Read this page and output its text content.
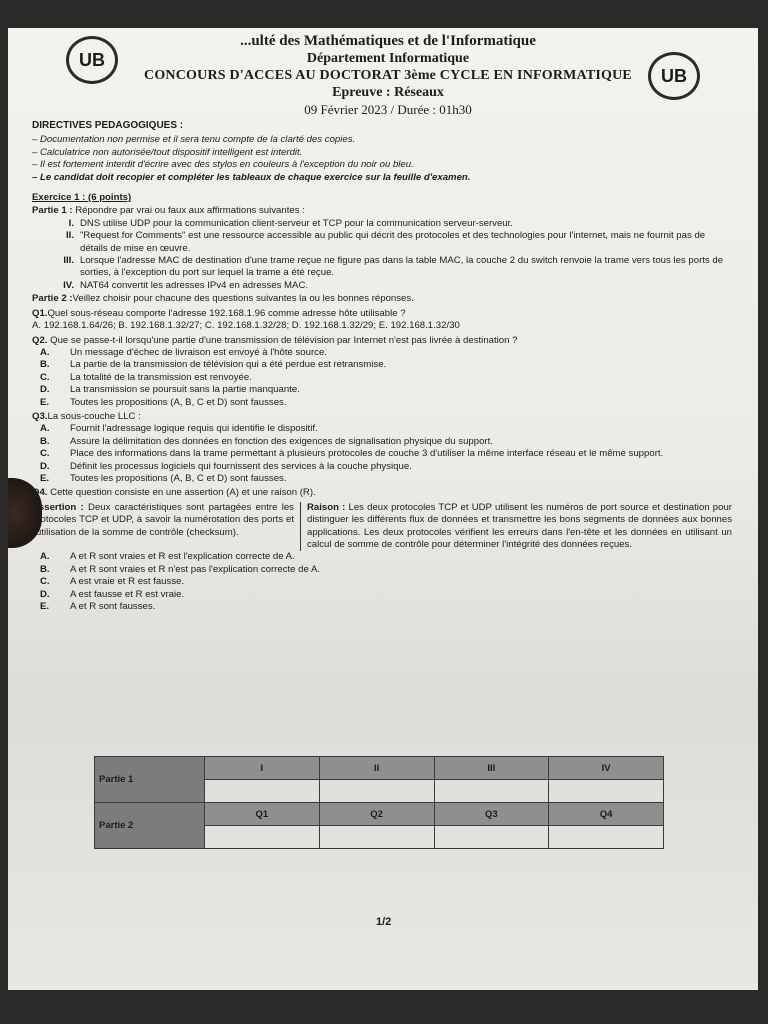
UB
UB
...ulté des Mathématiques et de l'Informatique
Département Informatique
CONCOURS D'ACCES AU DOCTORAT 3ème CYCLE EN INFORMATIQUE
Epreuve : Réseaux
09 Février 2023 / Durée : 01h30
DIRECTIVES PEDAGOGIQUES :
– Documentation non permise et il sera tenu compte de la clarté des copies.
– Calculatrice non autorisée/tout dispositif intelligent est interdit.
– Il est fortement interdit d'écrire avec des stylos en couleurs à l'exception du noir ou bleu.
– Le candidat doit recopier et compléter les tableaux de chaque exercice sur la feuille d'examen.
Exercice 1 : (6 points)
Partie 1 : Répondre par vrai ou faux aux affirmations suivantes :
I. DNS utilise UDP pour la communication client-serveur et TCP pour la communication serveur-serveur.
II. "Request for Comments" est une ressource accessible au public qui décrit des protocoles et des technologies pour l'internet, mais ne fournit pas de détails de mise en œuvre.
III. Lorsque l'adresse MAC de destination d'une trame reçue ne figure pas dans la table MAC, la couche 2 du switch renvoie la trame vers tous les ports de sorties, à l'exception du port sur lequel la trame a été reçue.
IV. NAT64 convertit les adresses IPv4 en adresses MAC.
Partie 2 :Veillez choisir pour chacune des questions suivantes la ou les bonnes réponses.
Q1.Quel sous-réseau comporte l'adresse 192.168.1.96 comme adresse hôte utilisable ?
A. 192.168.1.64/26; B. 192.168.1.32/27; C. 192.168.1.32/28; D. 192.168.1.32/29; E. 192.168.1.32/30
Q2. Que se passe-t-il lorsqu'une partie d'une transmission de télévision par Internet n'est pas livrée à destination ?
A.	Un message d'échec de livraison est envoyé à l'hôte source.
B.	La partie de la transmission de télévision qui a été perdue est retransmise.
C.	La totalité de la transmission est renvoyée.
D.	La transmission se poursuit sans la partie manquante.
E.	Toutes les propositions (A, B, C et D) sont fausses.
Q3.La sous-couche LLC :
A.	Fournit l'adressage logique requis qui identifie le dispositif.
B.	Assure la délimitation des données en fonction des exigences de signalisation physique du support.
C.	Place des informations dans la trame permettant à plusieurs protocoles de couche 3 d'utiliser la même interface réseau et le même support.
D.	Définit les processus logiciels qui fournissent des services à la couche physique.
E.	Toutes les propositions (A, B, C et D) sont fausses.
Q4. Cette question consiste en une assertion (A) et une raison (R).
Assertion : Deux caractéristiques sont partagées entre les protocoles TCP et UDP, à savoir la numérotation des ports et l'utilisation de la somme de contrôle (checksum).
Raison : Les deux protocoles TCP et UDP utilisent les numéros de port source et destination pour distinguer les différents flux de données et transmettre les bons segments de données aux bonnes applications. Les deux protocoles vérifient les erreurs dans l'en-tête et les données en utilisant un calcul de somme de contrôle pour déterminer l'intégrité des données reçues.
A.	A et R sont vraies et R est l'explication correcte de A.
B.	A et R sont vraies et R n'est pas l'explication correcte de A.
C.	A est vraie et R est fausse.
D.	A est fausse et R est vraie.
E.	A et R sont fausses.
Partie 1	I	II	III	IV

Partie 2	Q1	Q2	Q3	Q4

1/2
